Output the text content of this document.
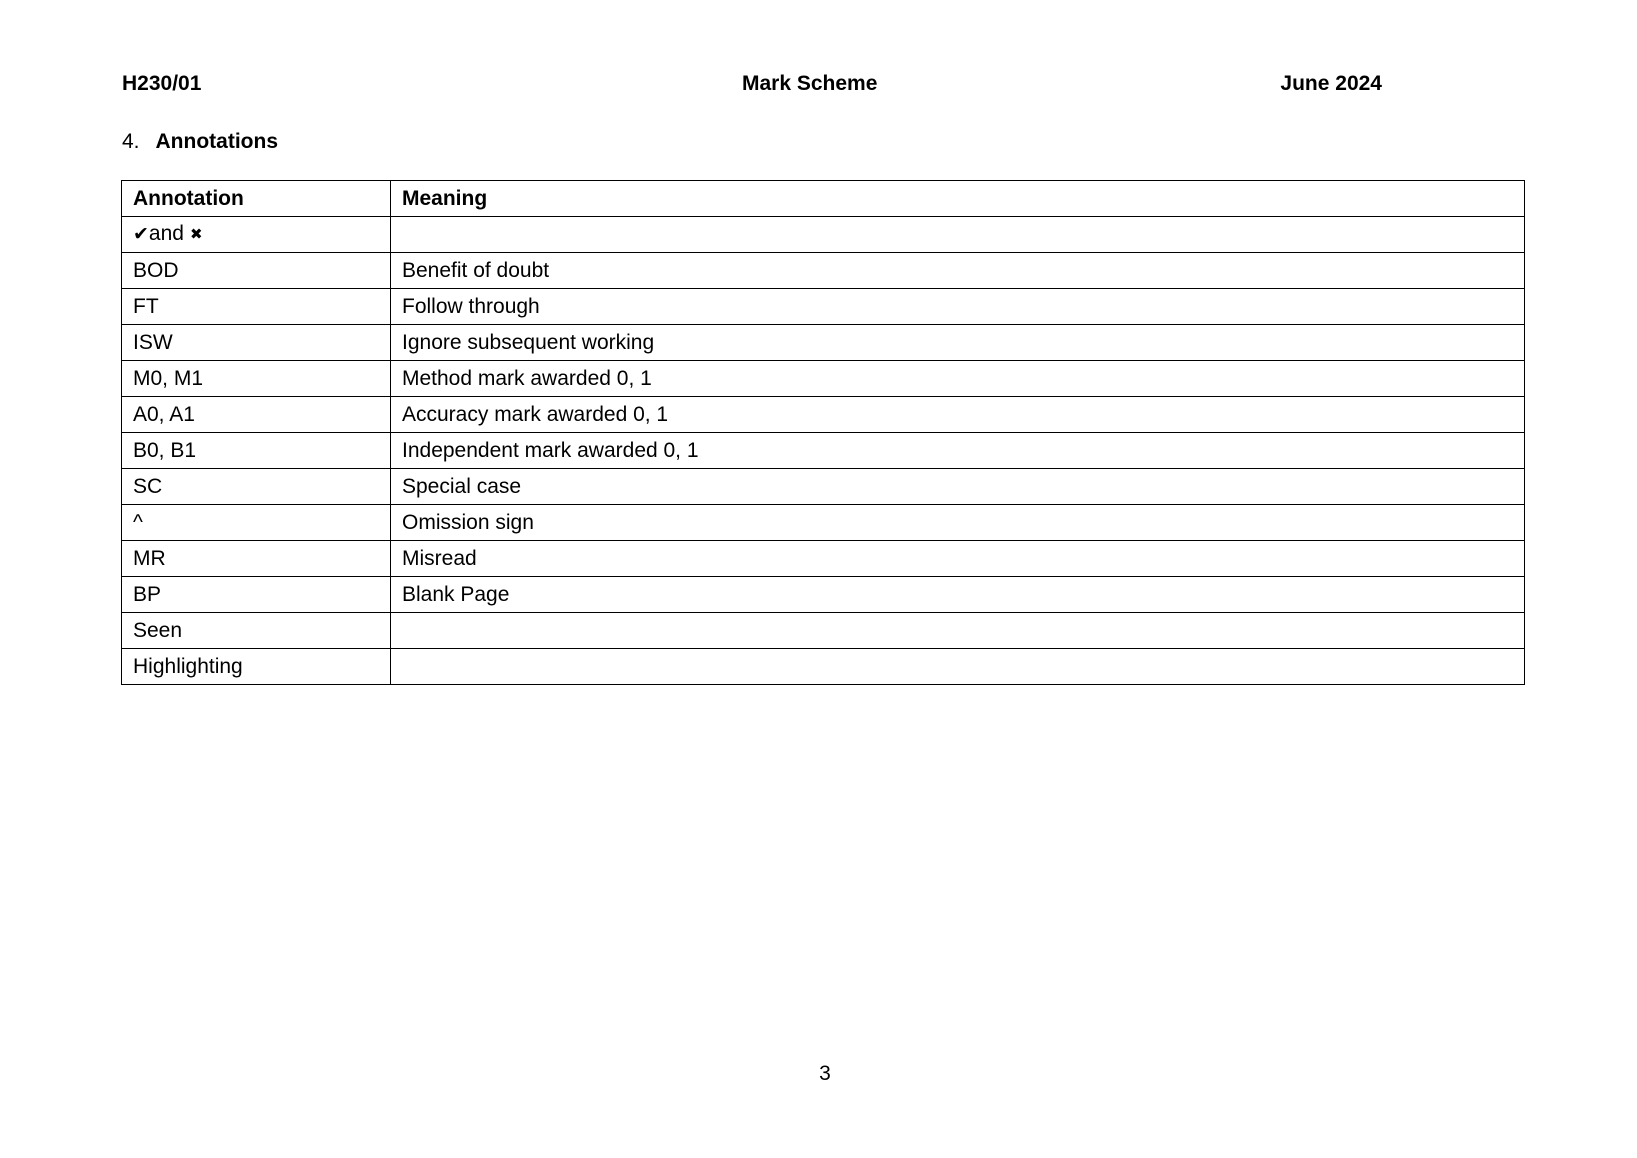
H230/01	Mark Scheme	June 2024
4. Annotations
Annotation	Meaning
✔and ✖	
BOD	Benefit of doubt
FT	Follow through
ISW	Ignore subsequent working
M0, M1	Method mark awarded 0, 1
A0, A1	Accuracy mark awarded 0, 1
B0, B1	Independent mark awarded 0, 1
SC	Special case
^	Omission sign
MR	Misread
BP	Blank Page
Seen	
Highlighting	
3
